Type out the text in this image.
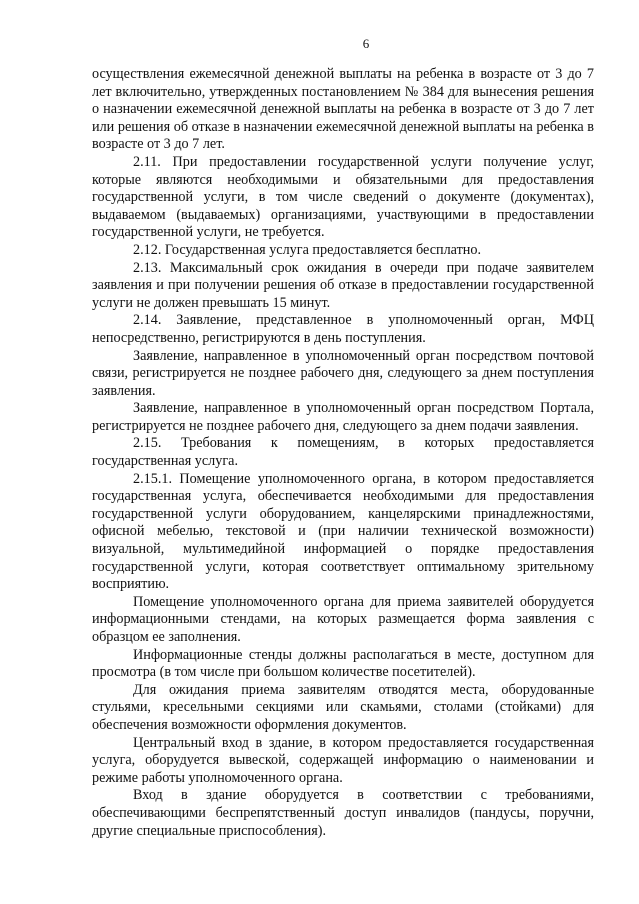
6

осуществления ежемесячной денежной выплаты на ребенка в возрасте от 3 до 7 лет включительно, утвержденных постановлением № 384 для вынесения решения о назначении ежемесячной денежной выплаты на ребенка в возрасте от 3 до 7 лет или решения об отказе в назначении ежемесячной денежной выплаты на ребенка в возрасте от 3 до 7 лет.

2.11. При предоставлении государственной услуги получение услуг, которые являются необходимыми и обязательными для предоставления государственной услуги, в том числе сведений о документе (документах), выдаваемом (выдаваемых) организациями, участвующими в предоставлении государственной услуги, не требуется.

2.12. Государственная услуга предоставляется бесплатно.

2.13. Максимальный срок ожидания в очереди при подаче заявителем заявления и при получении решения об отказе в предоставлении государственной услуги не должен превышать 15 минут.

2.14. Заявление, представленное в уполномоченный орган, МФЦ непосредственно, регистрируются в день поступления.

Заявление, направленное в уполномоченный орган посредством почтовой связи, регистрируется не позднее рабочего дня, следующего за днем поступления заявления.

Заявление, направленное в уполномоченный орган посредством Портала, регистрируется не позднее рабочего дня, следующего за днем подачи заявления.

2.15. Требования к помещениям, в которых предоставляется государственная услуга.

2.15.1. Помещение уполномоченного органа, в котором предоставляется государственная услуга, обеспечивается необходимыми для предоставления государственной услуги оборудованием, канцелярскими принадлежностями, офисной мебелью, текстовой и (при наличии технической возможности) визуальной, мультимедийной информацией о порядке предоставления государственной услуги, которая соответствует оптимальному зрительному восприятию.

Помещение уполномоченного органа для приема заявителей оборудуется информационными стендами, на которых размещается форма заявления с образцом ее заполнения.

Информационные стенды должны располагаться в месте, доступном для просмотра (в том числе при большом количестве посетителей).

Для ожидания приема заявителям отводятся места, оборудованные стульями, кресельными секциями или скамьями, столами (стойками) для обеспечения возможности оформления документов.

Центральный вход в здание, в котором предоставляется государственная услуга, оборудуется вывеской, содержащей информацию о наименовании и режиме работы уполномоченного органа.

Вход в здание оборудуется в соответствии с требованиями, обеспечивающими беспрепятственный доступ инвалидов (пандусы, поручни, другие специальные приспособления).
